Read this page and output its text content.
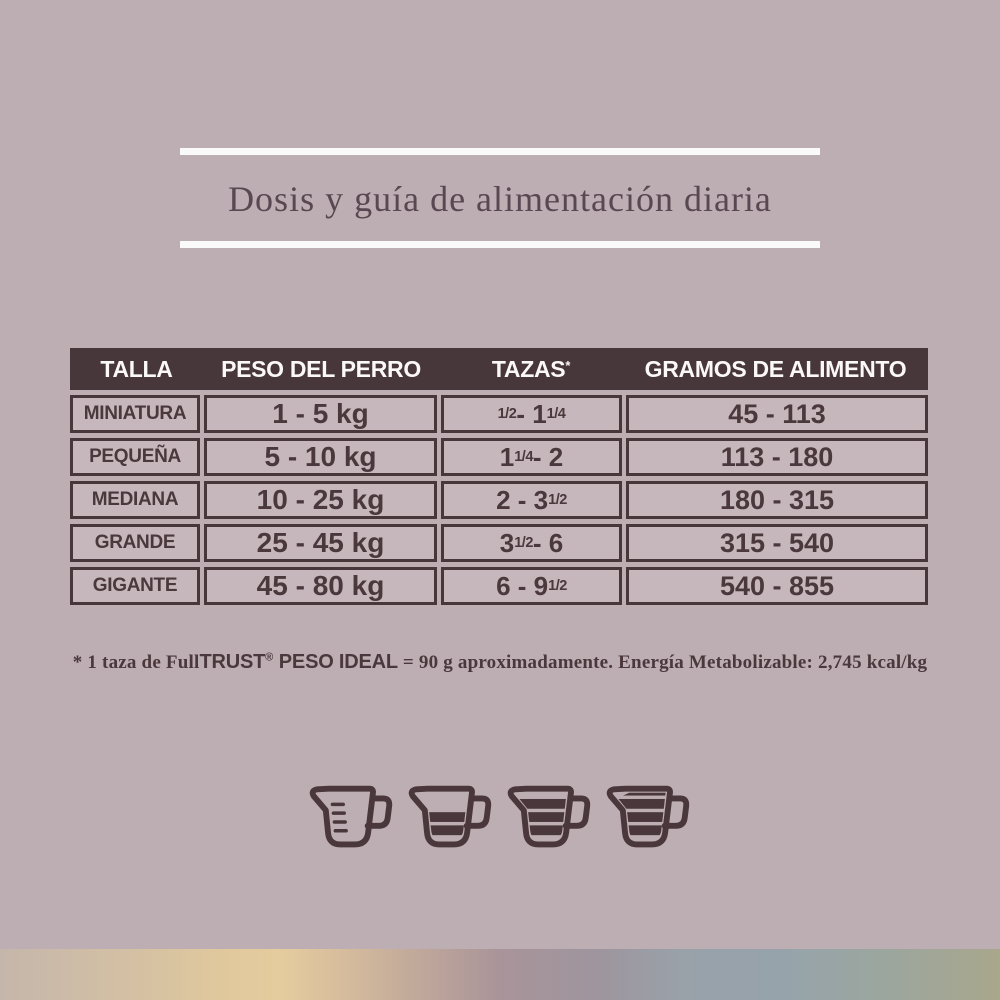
Dosis y guía de alimentación diaria
TALLA	PESO DEL PERRO	TAZAS*	GRAMOS DE ALIMENTO
MINIATURA	1 - 5 kg	1/2 - 1 1/4	45 - 113
PEQUEÑA	5 - 10 kg	1 1/4 - 2	113 - 180
MEDIANA	10 - 25 kg	2 - 3 1/2	180 - 315
GRANDE	25 - 45 kg	3 1/2 - 6	315 - 540
GIGANTE	45 - 80 kg	6 - 9 1/2	540 - 855
* 1 taza de FullTRUST® PESO IDEAL = 90 g aproximadamente. Energía Metabolizable: 2,745 kcal/kg
